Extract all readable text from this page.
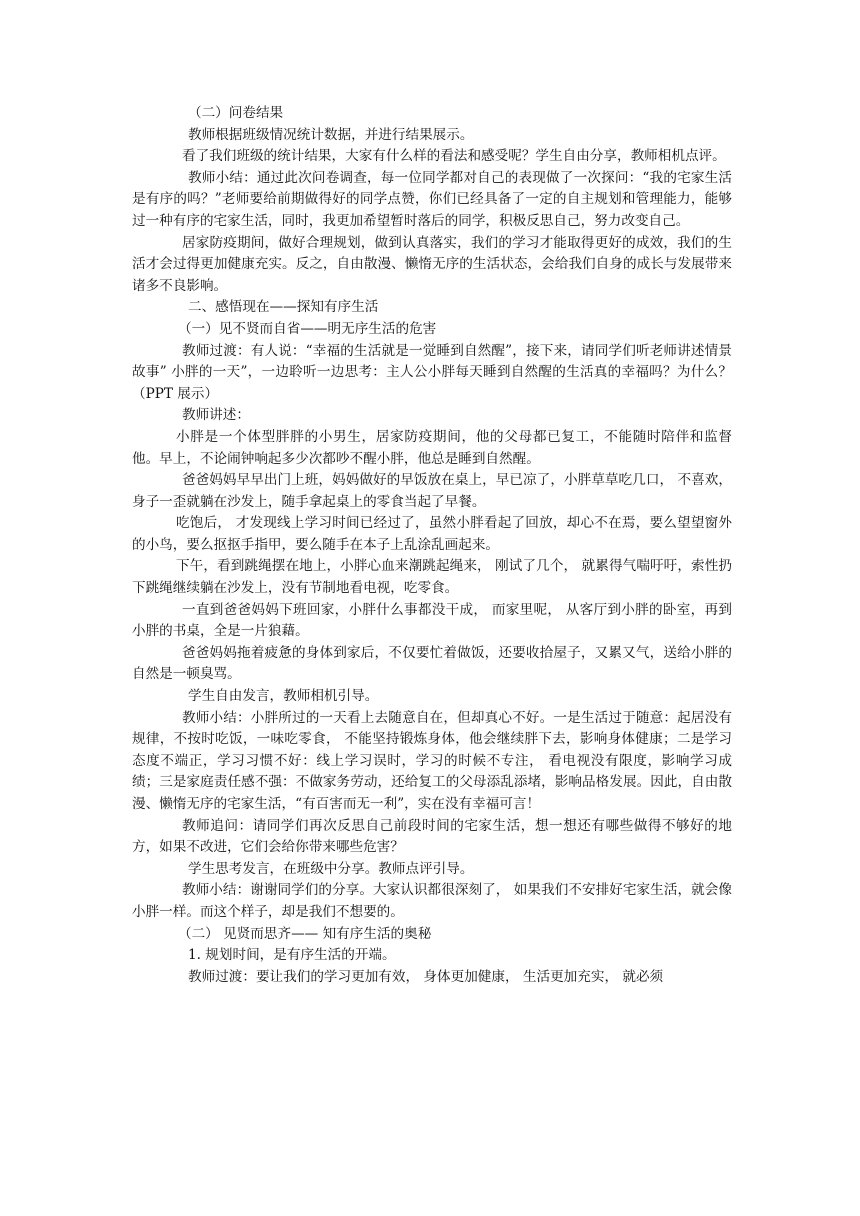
（二）问卷结果

教师根据班级情况统计数据，并进行结果展示。

看了我们班级的统计结果，大家有什么样的看法和感受呢？学生自由分享，教师相机点评。

教师小结：通过此次问卷调查，每一位同学都对自己的表现做了一次探问：“我的宅家生活是有序的吗？”老师要给前期做得好的同学点赞，你们已经具备了一定的自主规划和管理能力，能够过一种有序的宅家生活，同时，我更加希望暂时落后的同学，积极反思自己，努力改变自己。

居家防疫期间，做好合理规划，做到认真落实，我们的学习才能取得更好的成效，我们的生活才会过得更加健康充实。反之，自由散漫、懒惰无序的生活状态，会给我们自身的成长与发展带来诸多不良影响。

二、感悟现在——探知有序生活

（一）见不贤而自省——明无序生活的危害

教师过渡：有人说：“幸福的生活就是一觉睡到自然醒”，接下来，请同学们听老师讲述情景故事” 小胖的一天”，一边聆听一边思考：主人公小胖每天睡到自然醒的生活真的幸福吗？为什么？（PPT 展示）

教师讲述：

小胖是一个体型胖胖的小男生，居家防疫期间，他的父母都已复工，不能随时陪伴和监督他。早上，不论闹钟响起多少次都吵不醒小胖，他总是睡到自然醒。

爸爸妈妈早早出门上班，妈妈做好的早饭放在桌上，早已凉了，小胖草草吃几口， 不喜欢，身子一歪就躺在沙发上，随手拿起桌上的零食当起了早餐。

吃饱后， 才发现线上学习时间已经过了，虽然小胖看起了回放，却心不在焉，要么望望窗外的小鸟，要么抠抠手指甲，要么随手在本子上乱涂乱画起来。

下午，看到跳绳摆在地上，小胖心血来潮跳起绳来， 刚试了几个， 就累得气喘吁吁，索性扔下跳绳继续躺在沙发上，没有节制地看电视，吃零食。

一直到爸爸妈妈下班回家，小胖什么事都没干成， 而家里呢， 从客厅到小胖的卧室，再到小胖的书桌，全是一片狼藉。

爸爸妈妈拖着疲惫的身体到家后，不仅要忙着做饭，还要收拾屋子，又累又气，送给小胖的自然是一顿臭骂。

学生自由发言，教师相机引导。

教师小结：小胖所过的一天看上去随意自在，但却真心不好。一是生活过于随意：起居没有规律，不按时吃饭，一味吃零食， 不能坚持锻炼身体，他会继续胖下去，影响身体健康；二是学习态度不端正，学习习惯不好：线上学习误时，学习的时候不专注， 看电视没有限度，影响学习成绩；三是家庭责任感不强：不做家务劳动，还给复工的父母添乱添堵，影响品格发展。因此，自由散漫、懒惰无序的宅家生活，“有百害而无一利”，实在没有幸福可言！

教师追问：请同学们再次反思自己前段时间的宅家生活，想一想还有哪些做得不够好的地方，如果不改进，它们会给你带来哪些危害？

学生思考发言，在班级中分享。教师点评引导。

教师小结：谢谢同学们的分享。大家认识都很深刻了， 如果我们不安排好宅家生活，就会像小胖一样。而这个样子，却是我们不想要的。

（二） 见贤而思齐—— 知有序生活的奥秘

1. 规划时间，是有序生活的开端。

教师过渡：要让我们的学习更加有效， 身体更加健康， 生活更加充实， 就必须
